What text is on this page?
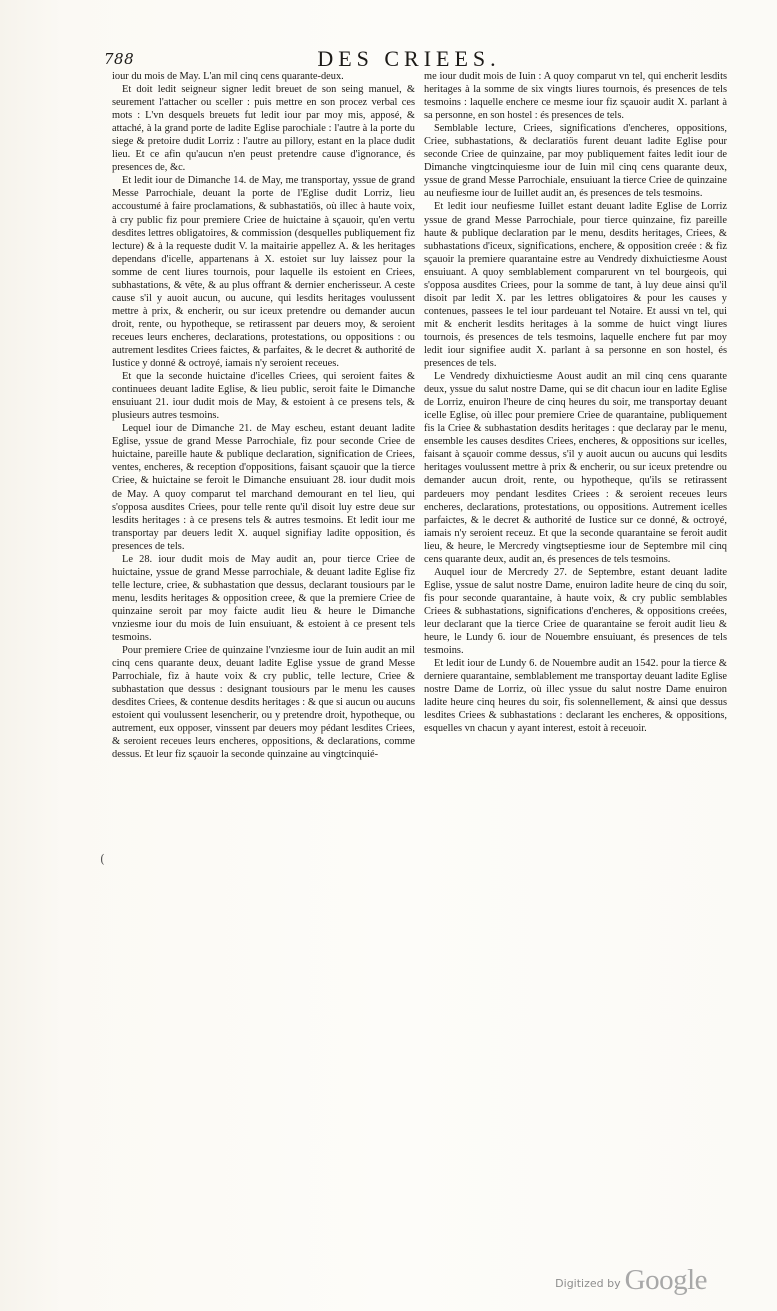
788	DES CRIEES.

iour du mois de May. L'an mil cinq cens quarante-deux.

Et doit ledit seigneur signer ledit breuet de son seing manuel, & seurement l'attacher ou sceller : puis mettre en son procez verbal ces mots : L'vn desquels breuets fut ledit iour par moy mis, apposé, & attaché, à la grand porte de ladite Eglise parochiale : l'autre à la porte du siege & pretoire dudit Lorriz : l'autre au pillory, estant en la place dudit lieu. Et ce afin qu'aucun n'en peust pretendre cause d'ignorance, és presences de, &c.

Et ledit iour de Dimanche 14. de May, me transportay, yssue de grand Messe Parrochiale, deuant la porte de l'Eglise dudit Lorriz, lieu accoustumé à faire proclamations, & subhastatiös, où illec à haute voix, à cry public fiz pour premiere Criee de huictaine à sçauoir, qu'en vertu desdites lettres obligatoires, & commission (desquelles publiquement fiz lecture) & à la requeste dudit V. la maitairie appellez A. & les heritages dependans d'icelle, appartenans à X. estoiet sur luy laissez pour la somme de cent liures tournois, pour laquelle ils estoient en Criees, subhastations, & vête, & au plus offrant & dernier encherisseur. A ceste cause s'il y auoit aucun, ou aucune, qui lesdits heritages voulussent mettre à prix, & encherir, ou sur iceux pretendre ou demander aucun droit, rente, ou hypotheque, se retirassent par deuers moy, & seroient receues leurs encheres, declarations, protestations, ou oppositions : ou autrement lesdites Criees faictes, & parfaites, & le decret & authorité de Iustice y donné & octroyé, iamais n'y seroient receues.

Et que la seconde huictaine d'icelles Criees, qui seroient faites & continuees deuant ladite Eglise, & lieu public, seroit faite le Dimanche ensuiuant 21. iour dudit mois de May, & estoient à ce presens tels, & plusieurs autres tesmoins.

Lequel iour de Dimanche 21. de May escheu, estant deuant ladite Eglise, yssue de grand Messe Parrochiale, fiz pour seconde Criee de huictaine, pareille haute & publique declaration, signification de Criees, ventes, encheres, & reception d'oppositions, faisant sçauoir que la tierce Criee, & huictaine se feroit le Dimanche ensuiuant 28. iour dudit mois de May. A quoy comparut tel marchand demourant en tel lieu, qui s'opposa ausdites Criees, pour telle rente qu'il disoit luy estre deue sur lesdits heritages : à ce presens tels & autres tesmoins. Et ledit iour me transportay par deuers ledit X. auquel signifiay ladite opposition, és presences de tels.

Le 28. iour dudit mois de May audit an, pour tierce Criee de huictaine, yssue de grand Messe parrochiale, & deuant ladite Eglise fiz telle lecture, criee, & subhastation que dessus, declarant tousiours par le menu, lesdits heritages & opposition creee, & que la premiere Criee de quinzaine seroit par moy faicte audit lieu & heure le Dimanche vnziesme iour du mois de Iuin ensuiuant, & estoient à ce present tels tesmoins.

Pour premiere Criee de quinzaine l'vnziesme iour de Iuin audit an mil cinq cens quarante deux, deuant ladite Eglise yssue de grand Messe Parrochiale, fiz à haute voix & cry public, telle lecture, Criee & subhastation que dessus : designant tousiours par le menu les causes desdites Criees, & contenue desdits heritages : & que si aucun ou aucuns estoient qui voulussent lesencherir, ou y pretendre droit, hypotheque, ou autrement, eux opposer, vinssent par deuers moy pédant lesdites Criees, & seroient receues leurs encheres, oppositions, & declarations, comme dessus. Et leur fiz sçauoir la seconde quinzaine au vingtcinquié-

me iour dudit mois de Iuin : A quoy comparut vn tel, qui encherit lesdits heritages à la somme de six vingts liures tournois, és presences de tels tesmoins : laquelle enchere ce mesme iour fiz sçauoir audit X. parlant à sa personne, en son hostel : és presences de tels.

Semblable lecture, Criees, significations d'encheres, oppositions, Criee, subhastations, & declaratiös furent deuant ladite Eglise pour seconde Criee de quinzaine, par moy publiquement faites ledit iour de Dimanche vingtcinquiesme iour de Iuin mil cinq cens quarante deux, yssue de grand Messe Parrochiale, ensuiuant la tierce Criee de quinzaine au neufiesme iour de Iuillet audit an, és presences de tels tesmoins.

Et ledit iour neufiesme Iuillet estant deuant ladite Eglise de Lorriz yssue de grand Messe Parrochiale, pour tierce quinzaine, fiz pareille haute & publique declaration par le menu, desdits heritages, Criees, & subhastations d'iceux, significations, enchere, & opposition creée : & fiz sçauoir la premiere quarantaine estre au Vendredy dixhuictiesme Aoust ensuiuant. A quoy semblablement comparurent vn tel bourgeois, qui s'opposa ausdites Criees, pour la somme de tant, à luy deue ainsi qu'il disoit par ledit X. par les lettres obligatoires & pour les causes y contenues, passees le tel iour pardeuant tel Notaire. Et aussi vn tel, qui mit & encherit lesdits heritages à la somme de huict vingt liures tournois, és presences de tels tesmoins, laquelle enchere fut par moy ledit iour signifiee audit X. parlant à sa personne en son hostel, és presences de tels.

Le Vendredy dixhuictiesme Aoust audit an mil cinq cens quarante deux, yssue du salut nostre Dame, qui se dit chacun iour en ladite Eglise de Lorriz, enuiron l'heure de cinq heures du soir, me transportay deuant icelle Eglise, où illec pour premiere Criee de quarantaine, publiquement fis la Criee & subhastation desdits heritages : que declaray par le menu, ensemble les causes desdites Criees, encheres, & oppositions sur icelles, faisant à sçauoir comme dessus, s'il y auoit aucun ou aucuns qui lesdits heritages voulussent mettre à prix & encherir, ou sur iceux pretendre ou demander aucun droit, rente, ou hypotheque, qu'ils se retirassent pardeuers moy pendant lesdites Criees : & seroient receues leurs encheres, declarations, protestations, ou oppositions. Autrement icelles parfaictes, & le decret & authorité de Iustice sur ce donné, & octroyé, iamais n'y seroient receuz. Et que la seconde quarantaine se feroit audit lieu, & heure, le Mercredy vingtseptiesme iour de Septembre mil cinq cens quarante deux, audit an, és presences de tels tesmoins.

Auquel iour de Mercredy 27. de Septembre, estant deuant ladite Eglise, yssue de salut nostre Dame, enuiron ladite heure de cinq du soir, fis pour seconde quarantaine, à haute voix, & cry public semblables Criees & subhastations, significations d'encheres, & oppositions creées, leur declarant que la tierce Criee de quarantaine se feroit audit lieu & heure, le Lundy 6. iour de Nouembre ensuiuant, és presences de tels tesmoins.

Et ledit iour de Lundy 6. de Nouembre audit an 1542. pour la tierce & derniere quarantaine, semblablement me transportay deuant ladite Eglise nostre Dame de Lorriz, où illec yssue du salut nostre Dame enuiron ladite heure cinq heures du soir, fis solennellement, & ainsi que dessus lesdites Criees & subhastations : declarant les encheres, & oppositions, esquelles vn chacun y ayant interest, estoit à receuoir.

(
Digitized by Google
